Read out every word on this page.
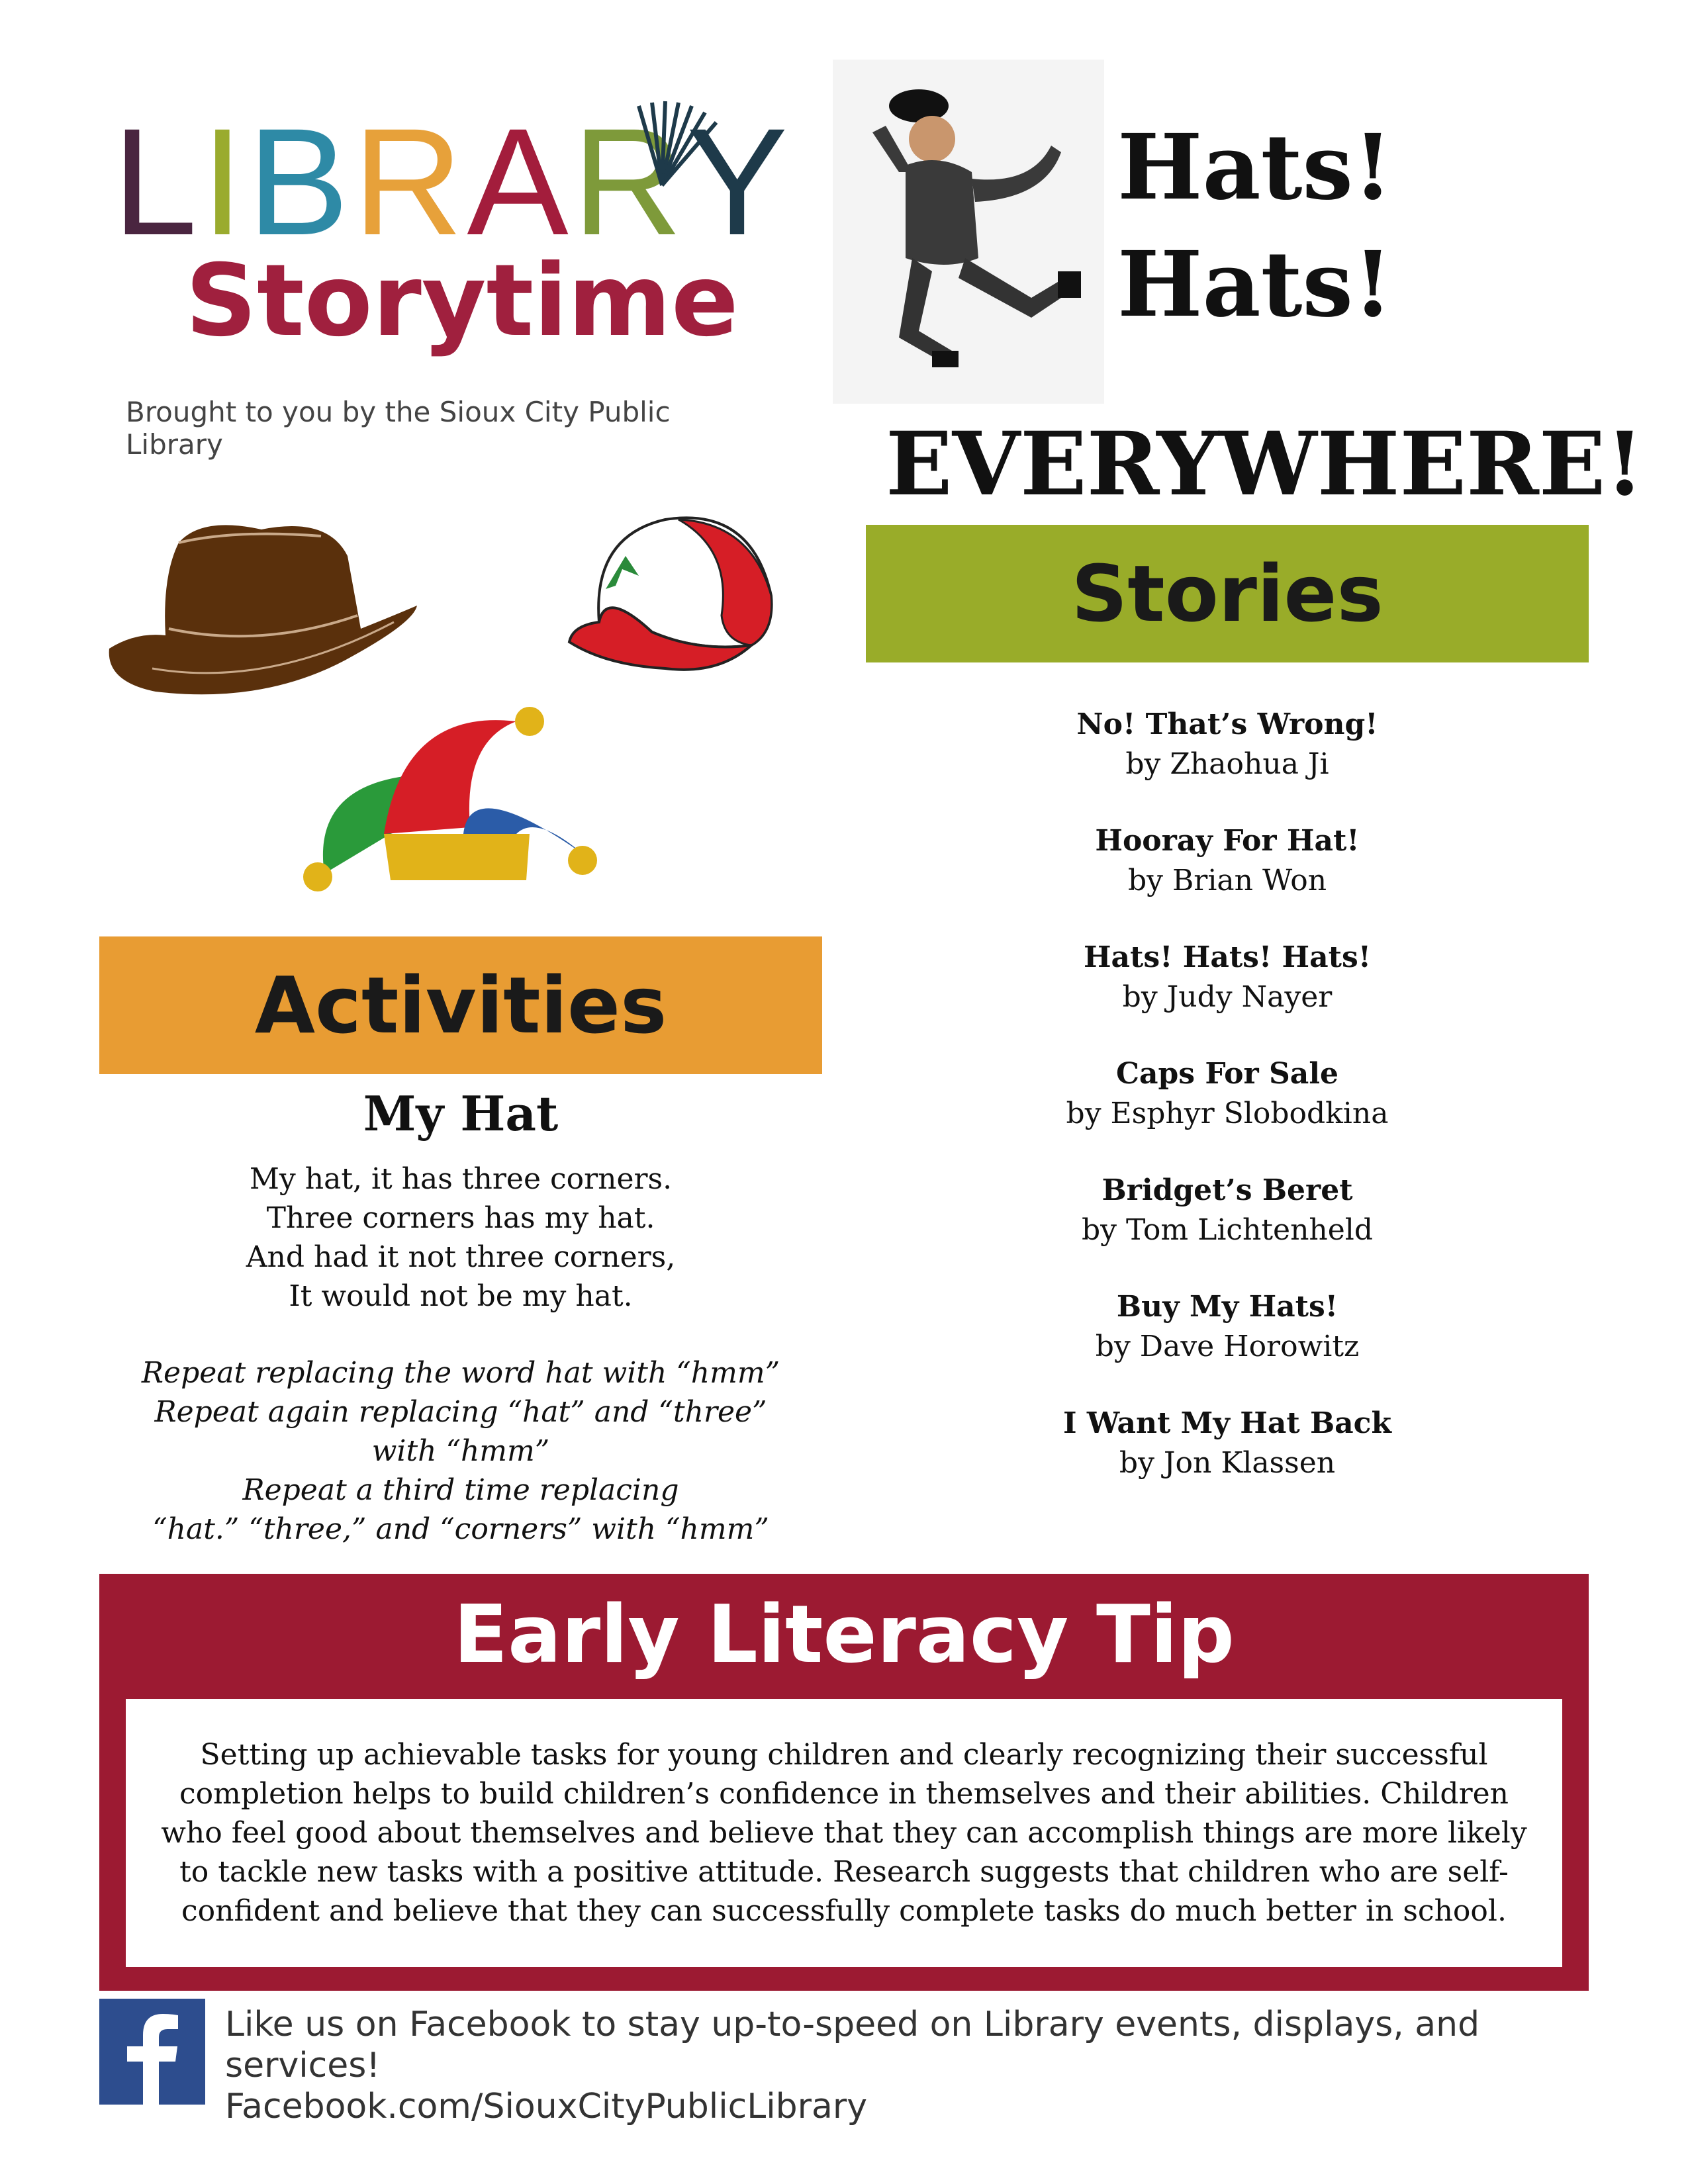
L I B R A R Y
Storytime
Brought to you by the Sioux City Public Library
Hats!
Hats!
EVERYWHERE!
Stories
No! That’s Wrong!
by Zhaohua Ji
Hooray For Hat!
by Brian Won
Hats! Hats! Hats!
by Judy Nayer
Caps For Sale
by Esphyr Slobodkina
Bridget’s Beret
by Tom Lichtenheld
Buy My Hats!
by Dave Horowitz
I Want My Hat Back
by Jon Klassen
Activities
My Hat
My hat, it has three corners.
Three corners has my hat.
And had it not three corners,
It would not be my hat.
Repeat replacing the word hat with “hmm”
Repeat again replacing “hat” and “three”
with “hmm”
Repeat a third time replacing
“hat.” “three,” and “corners” with “hmm”
Early Literacy Tip
Setting up achievable tasks for young children and clearly recognizing their successful completion helps to build children’s confidence in themselves and their abilities. Children who feel good about themselves and believe that they can accomplish things are more likely to tackle new tasks with a positive attitude. Research suggests that children who are self-confident and believe that they can successfully complete tasks do much better in school.
Like us on Facebook to stay up-to-speed on Library events, displays, and services!
Facebook.com/SiouxCityPublicLibrary
